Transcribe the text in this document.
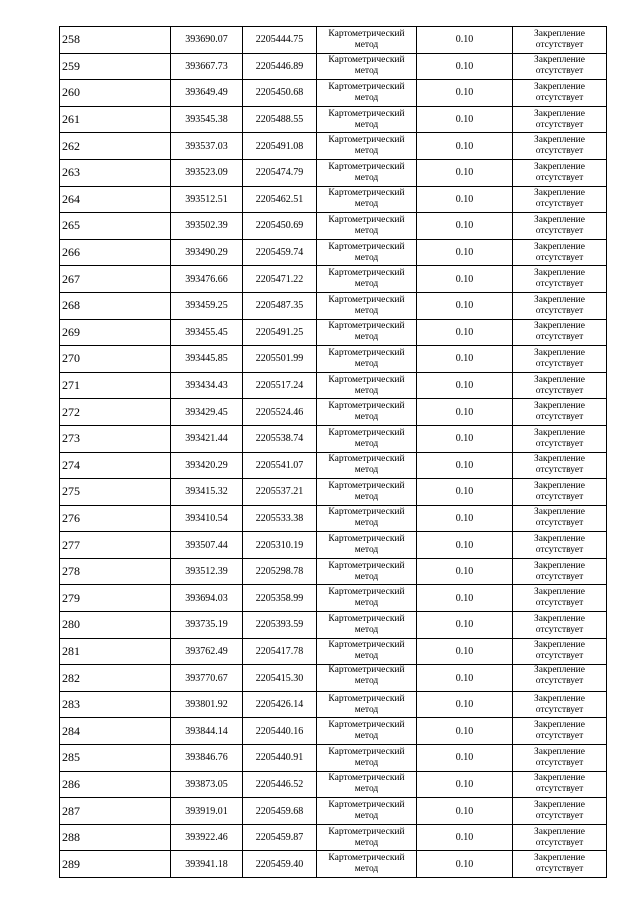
258	393690.07	2205444.75	Картометрический метод	0.10	Закрепление отсутствует
259	393667.73	2205446.89	Картометрический метод	0.10	Закрепление отсутствует
260	393649.49	2205450.68	Картометрический метод	0.10	Закрепление отсутствует
261	393545.38	2205488.55	Картометрический метод	0.10	Закрепление отсутствует
262	393537.03	2205491.08	Картометрический метод	0.10	Закрепление отсутствует
263	393523.09	2205474.79	Картометрический метод	0.10	Закрепление отсутствует
264	393512.51	2205462.51	Картометрический метод	0.10	Закрепление отсутствует
265	393502.39	2205450.69	Картометрический метод	0.10	Закрепление отсутствует
266	393490.29	2205459.74	Картометрический метод	0.10	Закрепление отсутствует
267	393476.66	2205471.22	Картометрический метод	0.10	Закрепление отсутствует
268	393459.25	2205487.35	Картометрический метод	0.10	Закрепление отсутствует
269	393455.45	2205491.25	Картометрический метод	0.10	Закрепление отсутствует
270	393445.85	2205501.99	Картометрический метод	0.10	Закрепление отсутствует
271	393434.43	2205517.24	Картометрический метод	0.10	Закрепление отсутствует
272	393429.45	2205524.46	Картометрический метод	0.10	Закрепление отсутствует
273	393421.44	2205538.74	Картометрический метод	0.10	Закрепление отсутствует
274	393420.29	2205541.07	Картометрический метод	0.10	Закрепление отсутствует
275	393415.32	2205537.21	Картометрический метод	0.10	Закрепление отсутствует
276	393410.54	2205533.38	Картометрический метод	0.10	Закрепление отсутствует
277	393507.44	2205310.19	Картометрический метод	0.10	Закрепление отсутствует
278	393512.39	2205298.78	Картометрический метод	0.10	Закрепление отсутствует
279	393694.03	2205358.99	Картометрический метод	0.10	Закрепление отсутствует
280	393735.19	2205393.59	Картометрический метод	0.10	Закрепление отсутствует
281	393762.49	2205417.78	Картометрический метод	0.10	Закрепление отсутствует
282	393770.67	2205415.30	Картометрический метод	0.10	Закрепление отсутствует

283	393801.92	2205426.14	Картометрический метод	0.10	Закрепление отсутствует
284	393844.14	2205440.16	Картометрический метод	0.10	Закрепление отсутствует
285	393846.76	2205440.91	Картометрический метод	0.10	Закрепление отсутствует
286	393873.05	2205446.52	Картометрический метод	0.10	Закрепление отсутствует
287	393919.01	2205459.68	Картометрический метод	0.10	Закрепление отсутствует
288	393922.46	2205459.87	Картометрический метод	0.10	Закрепление отсутствует
289	393941.18	2205459.40	Картометрический метод	0.10	Закрепление отсутствует
